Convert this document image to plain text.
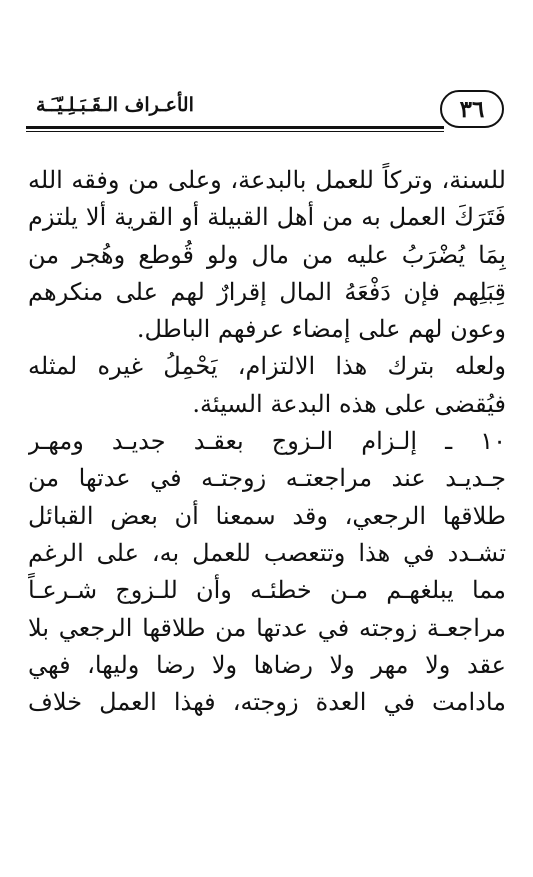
٣٦
الأعـراف الـقَـبَـلِـيّـَـة
للسنة، وتركاً للعمل بالبدعة، وعلى من وفقه الله
فَتَرَكَ العمل به من أهل القبيلة أو القرية ألا يلتزم
بِمَا يُضْرَبُ عليه من مال ولو قُوطع وهُجر من
قِبَلِهم فإن دَفْعَهُ المال إقرارٌ لهم على منكرهم
وعون لهم على إمضاء عرفهم الباطل.
ولعله بترك هذا الالتزام، يَحْمِلُ غيره لمثله
فيُقضى على هذه البدعة السيئة.
١٠ ـ إلـزام الـزوج بعقـد جديـد ومهـر
جـديـد عند مراجعتـه زوجتـه في عدتها من
طلاقها الرجعي، وقد سمعنا أن بعض القبائل
تشـدد في هذا وتتعصب للعمل به، على الرغم
مما يبلغهـم مـن خطئـه وأن للـزوج شـرعـاً
مراجعـة زوجته في عدتها من طلاقها الرجعي بلا
عقد ولا مهر ولا رضاها ولا رضا وليها، فهي
مادامت في العدة زوجته، فهذا العمل خلاف
